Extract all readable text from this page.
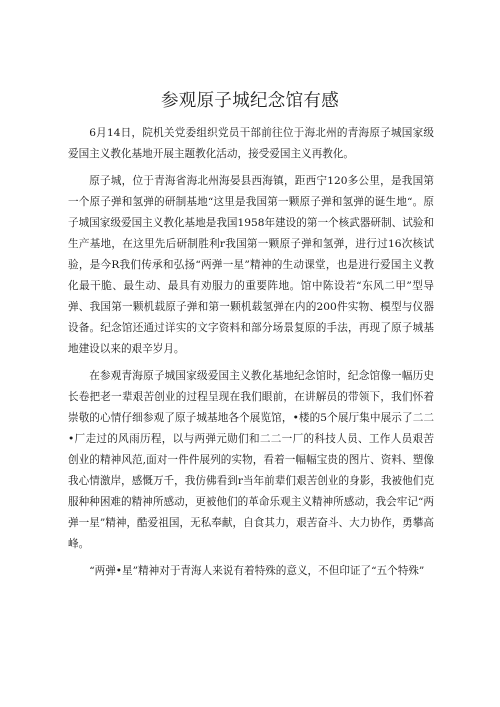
参观原子城纪念馆有感

6月14日，院机关党委组织党员干部前往位于海北州的青海原子城国家级爱国主义教化基地开展主题教化活动，接受爱国主义再教化。

原子城，位于青海省海北州海晏县西海镇，距西宁120多公里，是我国第一个原子弹和氢弹的研制基地“这里是我国第一颗原子弹和氢弹的诞生地“。原子城国家级爱国主义教化基地是我国1958年建设的第一个核武器研制、试验和生产基地，在这里先后研制胜利r我国第一颗原子弹和氢弹，进行过16次核试验，是今R我们传承和弘扬“两弹一星”精神的生动课堂，也是进行爱国主义教化最干脆、最生动、最具有劝服力的重要阵地。馆中陈设若“东风二甲”型导弹、我国第一颗机载原子弹和第一颗机载氢弹在内的200件实物、模型与仪器设备。纪念馆还通过详实的文字资料和部分场景复原的手法，再现了原子城基地建设以来的艰辛岁月。

在参观青海原子城国家级爱国主义教化基地纪念馆时，纪念馆像一幅历史长卷把老一辈艰苦创业的过程呈现在我们眼前，在讲解员的带领下，我们怀着崇敬的心情仔细参观了原子城基地各个展览馆，•楼的5个展厅集中展示了二二•厂走过的风雨历程，以与两弹元勋们和二二一厂的科技人员、工作人员艰苦创业的精神风范,面对一件件展列的实物，看着一幅幅宝贵的图片、资料、塑像我心情激岸，感慨万千，我仿佛看到r当年前辈们艰苦创业的身影，我被他们克服种种困难的精神所感动，更被他们的革命乐观主义精神所感动，我会牢记“两弹一星”精神，酷爱祖国，无私奉献，自食其力，艰苦奋斗、大力协作，勇攀高峰。

“两弹•星”精神对于青海人来说有着特殊的意义，不但印证了“五个特殊”
